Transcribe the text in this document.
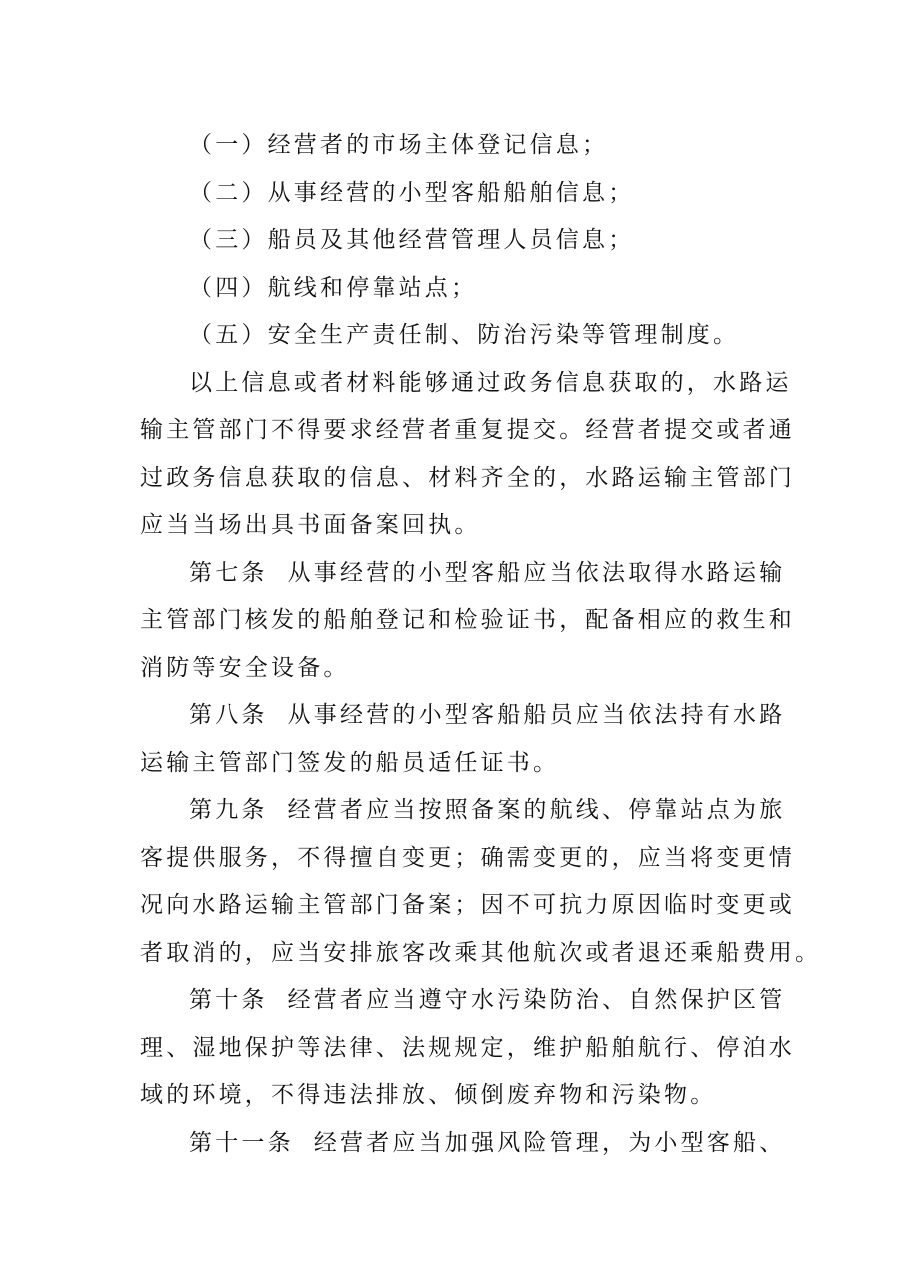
（一）经营者的市场主体登记信息；

（二）从事经营的小型客船船舶信息；

（三）船员及其他经营管理人员信息；

（四）航线和停靠站点；

（五）安全生产责任制、防治污染等管理制度。

以上信息或者材料能够通过政务信息获取的，水路运

输主管部门不得要求经营者重复提交。经营者提交或者通

过政务信息获取的信息、材料齐全的，水路运输主管部门

应当当场出具书面备案回执。

第七条 从事经营的小型客船应当依法取得水路运输

主管部门核发的船舶登记和检验证书，配备相应的救生和

消防等安全设备。

第八条 从事经营的小型客船船员应当依法持有水路

运输主管部门签发的船员适任证书。

第九条 经营者应当按照备案的航线、停靠站点为旅

客提供服务，不得擅自变更；确需变更的，应当将变更情

况向水路运输主管部门备案；因不可抗力原因临时变更或

者取消的，应当安排旅客改乘其他航次或者退还乘船费用。

第十条 经营者应当遵守水污染防治、自然保护区管

理、湿地保护等法律、法规规定，维护船舶航行、停泊水

域的环境，不得违法排放、倾倒废弃物和污染物。

第十一条 经营者应当加强风险管理，为小型客船、
